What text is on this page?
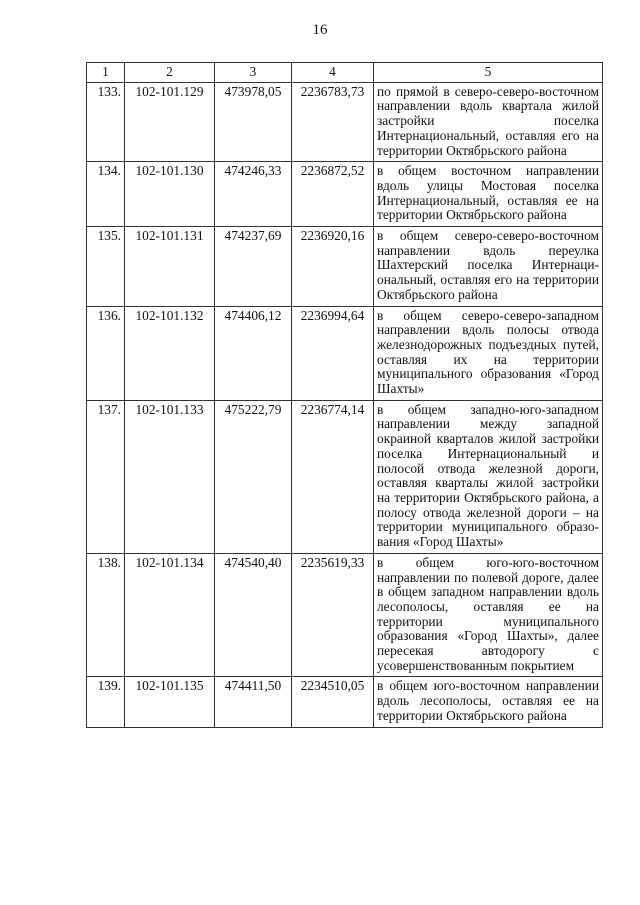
16
1	2	3	4	5
133.	102-101.129	473978,05	2236783,73	по прямой в северо-северо-восточном направлении вдоль квартала жилой застройки поселка Интернациональный, оставляя его на территории Октябрьского района
134.	102-101.130	474246,33	2236872,52	в общем восточном направлении вдоль улицы Мостовая поселка Интернациональный, оставляя ее на территории Октябрьского района
135.	102-101.131	474237,69	2236920,16	в общем северо-северо-восточном направлении вдоль переулка Шахтерский поселка Интернациональный, оставляя его на территории Октябрьского района
136.	102-101.132	474406,12	2236994,64	в общем северо-северо-западном направлении вдоль полосы отвода железнодорожных подъездных путей, оставляя их на территории муниципального образования «Город Шахты»
137.	102-101.133	475222,79	2236774,14	в общем западно-юго-западном направлении между западной окраиной кварталов жилой застройки поселка Интернациональный и полосой отвода железной дороги, оставляя кварталы жилой застройки на территории Октябрьского района, а полосу отвода железной дороги – на территории муниципального образования «Город Шахты»
138.	102-101.134	474540,40	2235619,33	в общем юго-юго-восточном направлении по полевой дороге, далее в общем западном направлении вдоль лесополосы, оставляя ее на территории муниципального образования «Город Шахты», далее пересекая автодорогу с усовершенствованным покрытием
139.	102-101.135	474411,50	2234510,05	в общем юго-восточном направлении вдоль лесополосы, оставляя ее на территории Октябрьского района
